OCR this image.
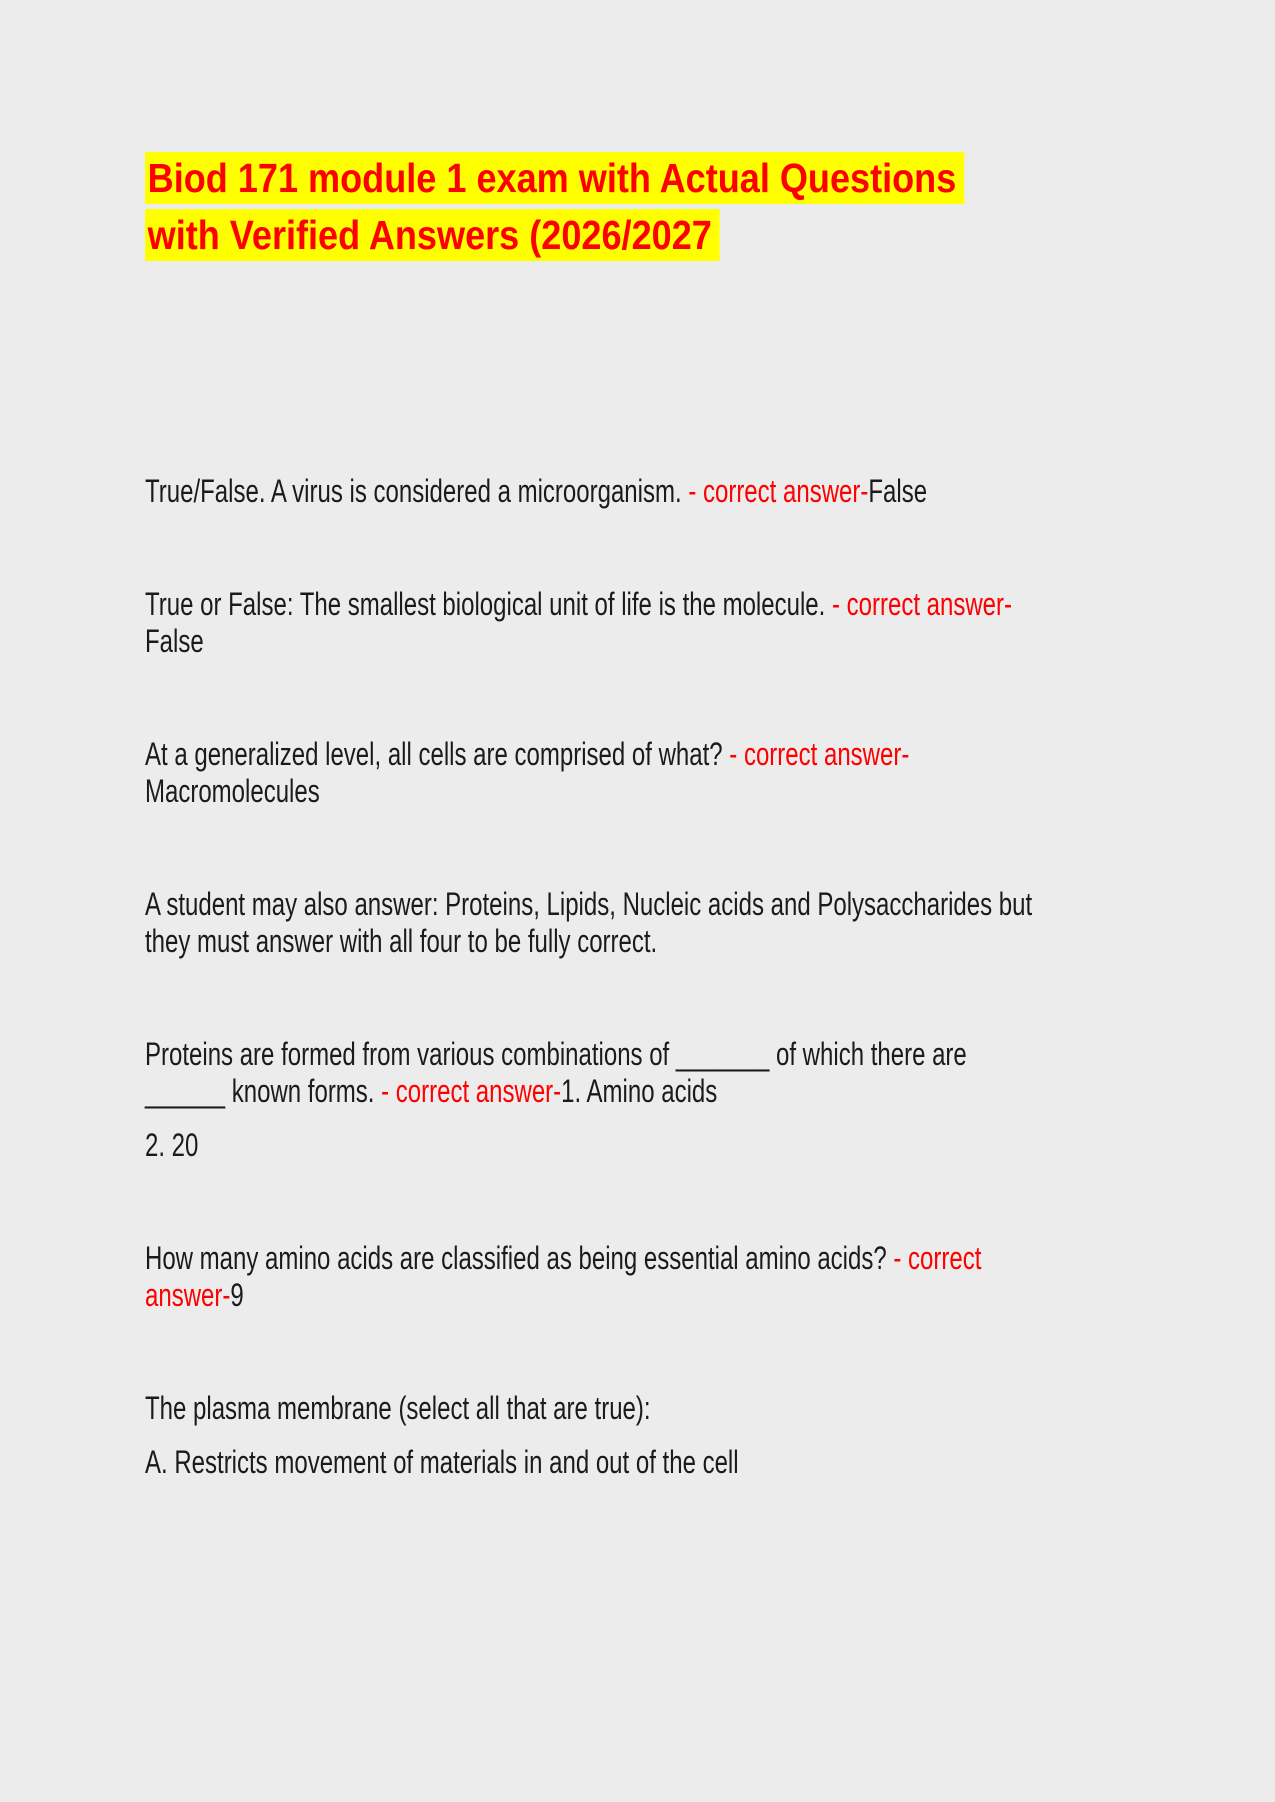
Biod 171 module 1 exam with Actual Questions
with Verified Answers (2026/2027
True/False. A virus is considered a microorganism. - correct answer-False
True or False: The smallest biological unit of life is the molecule. - correct answer-
False
At a generalized level, all cells are comprised of what? - correct answer-
Macromolecules
A student may also answer: Proteins, Lipids, Nucleic acids and Polysaccharides but
they must answer with all four to be fully correct.
Proteins are formed from various combinations of _______ of which there are
______ known forms. - correct answer-1. Amino acids
2. 20
How many amino acids are classified as being essential amino acids? - correct
answer-9
The plasma membrane (select all that are true):
A. Restricts movement of materials in and out of the cell
